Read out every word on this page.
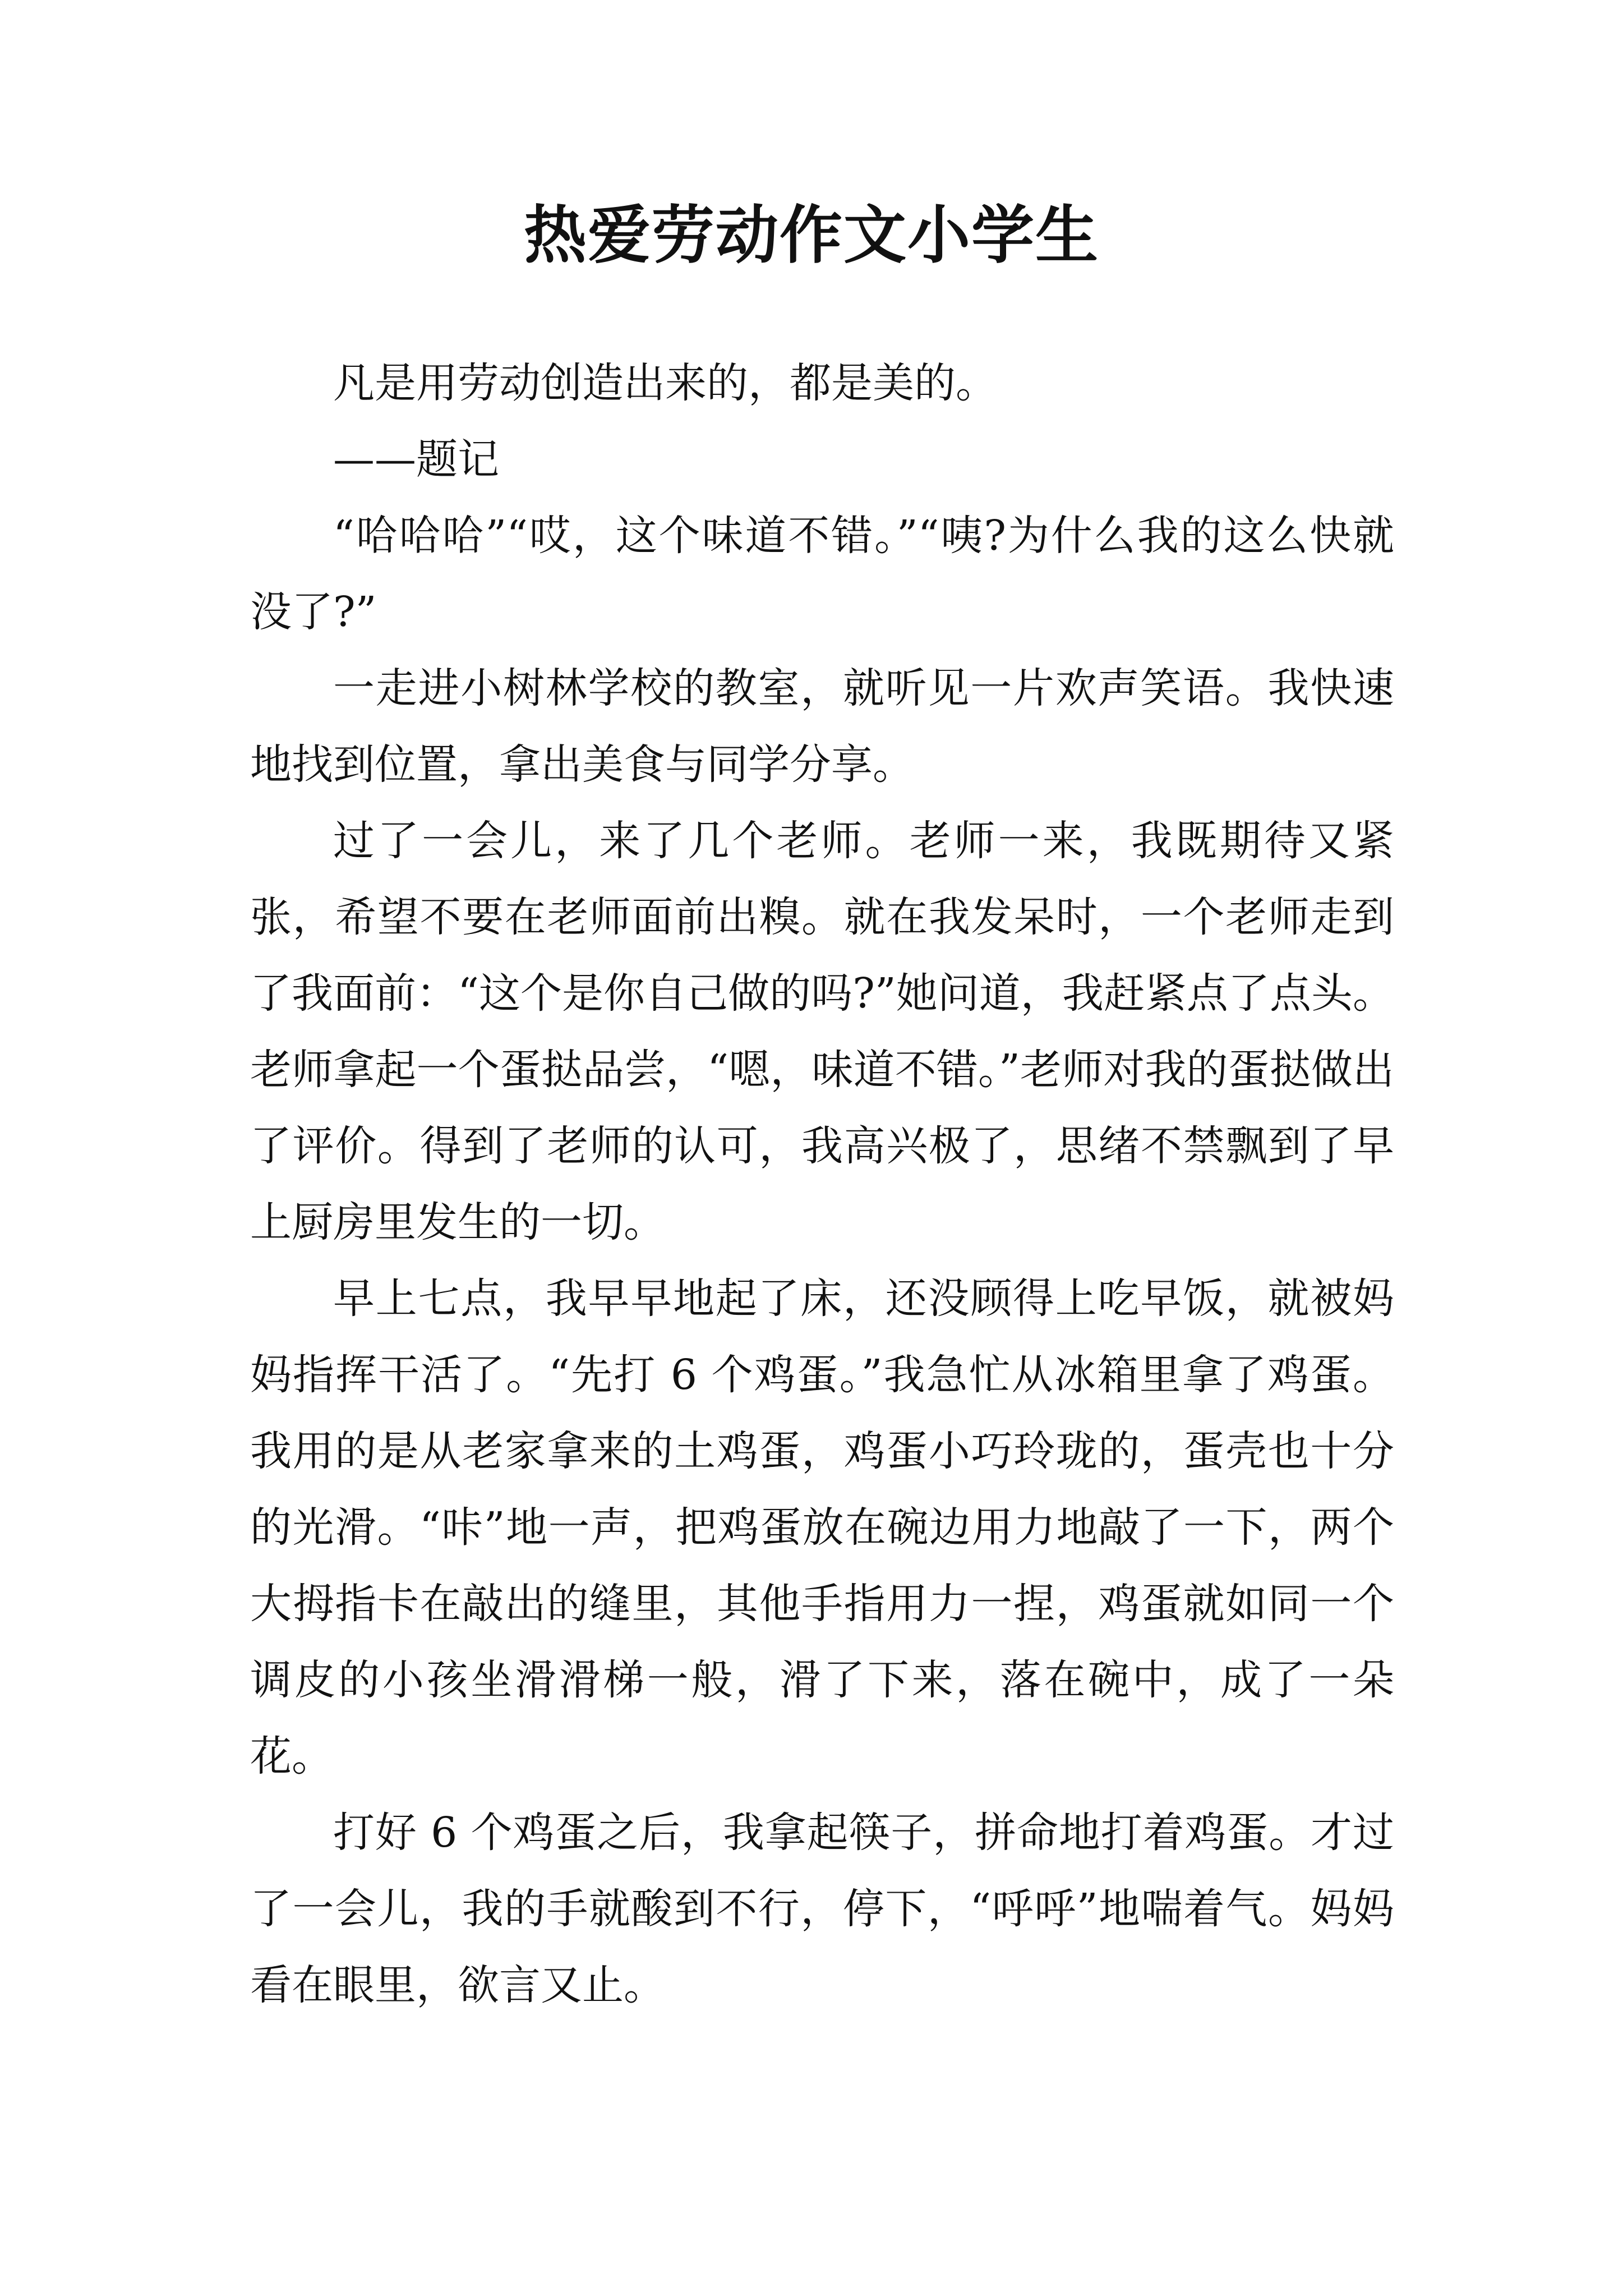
热爱劳动作文小学生

凡是用劳动创造出来的，都是美的。

——题记

“哈哈哈”“哎，这个味道不错。”“咦?为什么我的这么快就没了?”

一走进小树林学校的教室，就听见一片欢声笑语。我快速地找到位置，拿出美食与同学分享。

过了一会儿，来了几个老师。老师一来，我既期待又紧张，希望不要在老师面前出糗。就在我发呆时，一个老师走到了我面前：“这个是你自己做的吗?”她问道，我赶紧点了点头。老师拿起一个蛋挞品尝，“嗯，味道不错。”老师对我的蛋挞做出了评价。得到了老师的认可，我高兴极了，思绪不禁飘到了早上厨房里发生的一切。

早上七点，我早早地起了床，还没顾得上吃早饭，就被妈妈指挥干活了。“先打 6 个鸡蛋。”我急忙从冰箱里拿了鸡蛋。我用的是从老家拿来的土鸡蛋，鸡蛋小巧玲珑的，蛋壳也十分的光滑。“咔”地一声，把鸡蛋放在碗边用力地敲了一下，两个大拇指卡在敲出的缝里，其他手指用力一捏，鸡蛋就如同一个调皮的小孩坐滑滑梯一般，滑了下来，落在碗中，成了一朵花。

打好 6 个鸡蛋之后，我拿起筷子，拼命地打着鸡蛋。才过了一会儿，我的手就酸到不行，停下，“呼呼”地喘着气。妈妈看在眼里，欲言又止。
